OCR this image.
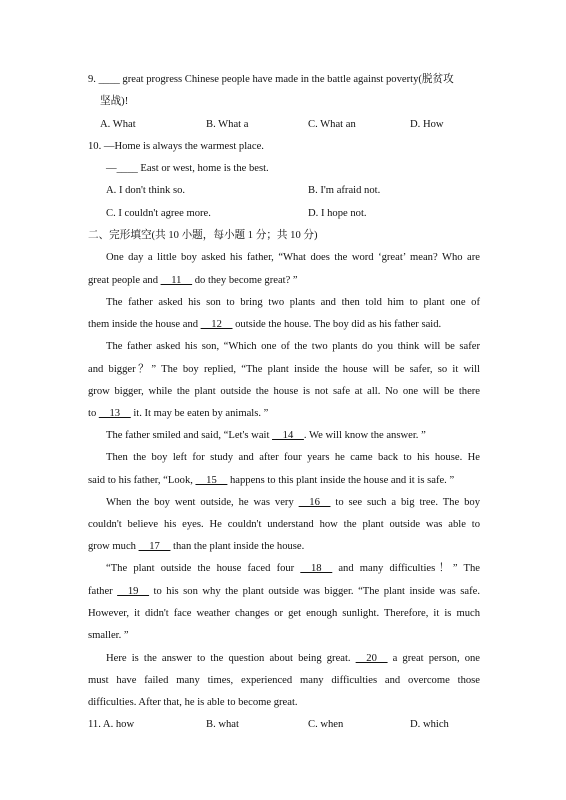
9. ____ great progress Chinese people have made in the battle against poverty(脱贫攻
坚战)!
A. What	B. What a	C. What an	D. How
10. —Home is always the warmest place.
—____ East or west, home is the best.
A. I don't think so.	B. I'm afraid not.
C. I couldn't agree more.	D. I hope not.
二、完形填空(共 10 小题，每小题 1 分；共 10 分)
One day a little boy asked his father, “What does the word ‘great’ mean? Who are
great people and __11__ do they become great? ”
The father asked his son to bring two plants and then told him to plant one of
them inside the house and __12__ outside the house. The boy did as his father said.
The father asked his son, “Which one of the two plants do you think will be safer
and bigger？” The boy replied, “The plant inside the house will be safer, so it will
grow bigger, while the plant outside the house is not safe at all. No one will be there
to __13__ it. It may be eaten by animals. ”
The father smiled and said, “Let's wait __14__. We will know the answer. ”
Then the boy left for study and after four years he came back to his house. He
said to his father, “Look, __15__ happens to this plant inside the house and it is safe. ”
When the boy went outside, he was very __16__ to see such a big tree. The boy
couldn't believe his eyes. He couldn't understand how the plant outside was able to
grow much __17__ than the plant inside the house.
“The plant outside the house faced four __18__ and many difficulties！” The
father __19__ to his son why the plant outside was bigger. “The plant inside was safe.
However, it didn't face weather changes or get enough sunlight. Therefore, it is much
smaller. ”
Here is the answer to the question about being great. __20__ a great person, one
must have failed many times, experienced many difficulties and overcome those
difficulties. After that, he is able to become great.
11. A. how	B. what	C. when	D. which
